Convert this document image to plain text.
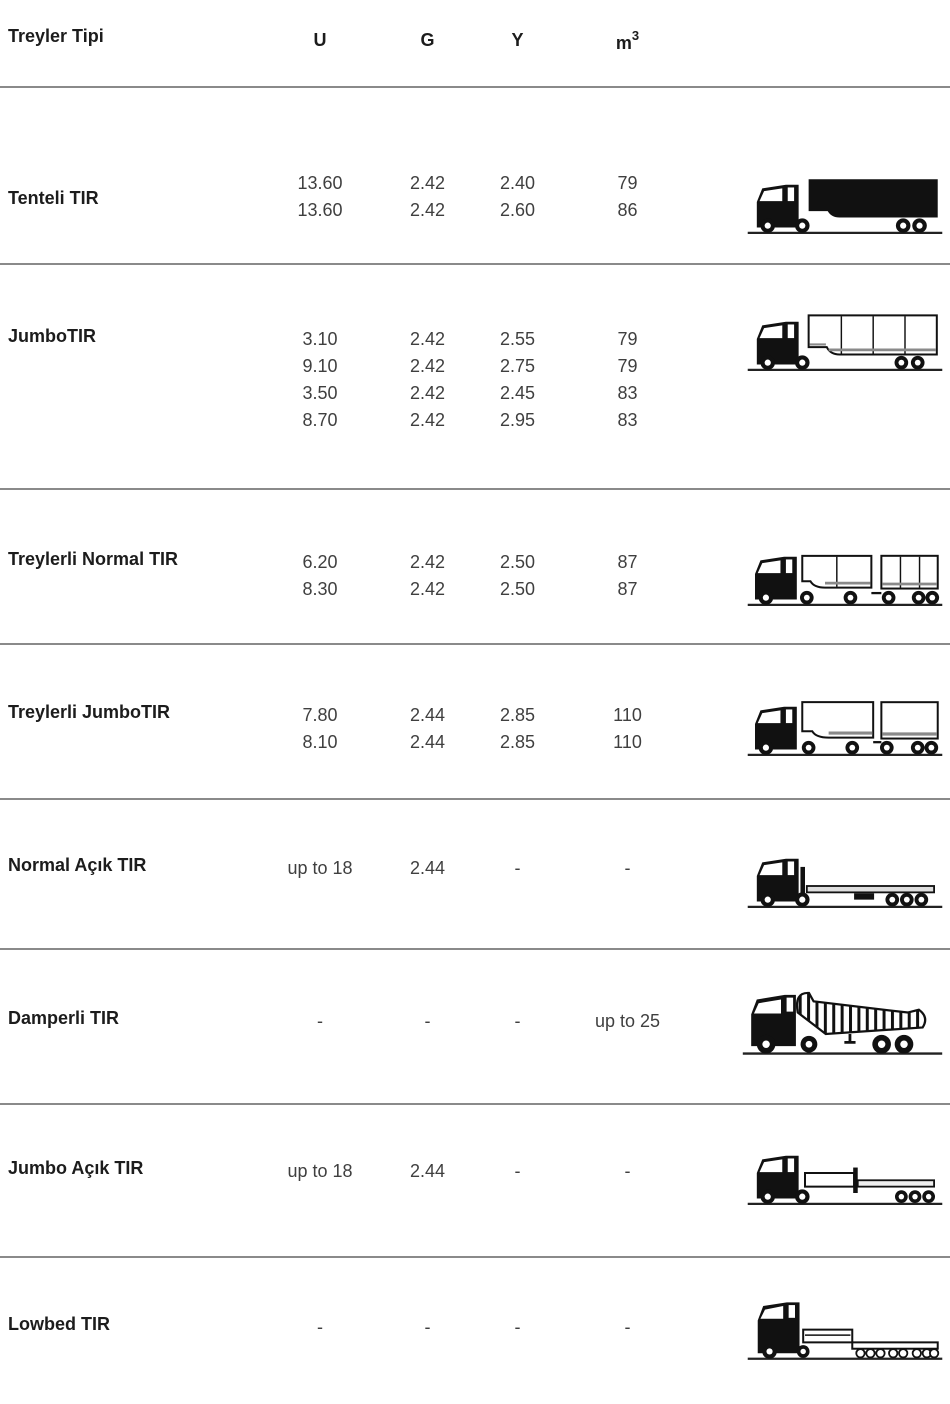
Treyler Tipi	U	G	Y	$m^3$
Tenteli TIR
13.60	2.42	2.40	79
13.60	2.42	2.60	86
JumboTIR	3.10	2.42	2.55	79
9.10	2.42	2.75	79
3.50	2.42	2.45	83
8.70	2.42	2.95	83
Treylerli Normal TIR	6.20	2.42	2.50	87
8.30	2.42	2.50	87
Treylerli JumboTIR	7.80	2.44	2.85	110
8.10	2.44	2.85	110
Normal Açık TIR	up to 18	2.44	-	-
Damperli TIR	-	-	-	up to 25
Jumbo Açık TIR	up to 18	2.44	-	-
Lowbed TIR	-	-	-	-
